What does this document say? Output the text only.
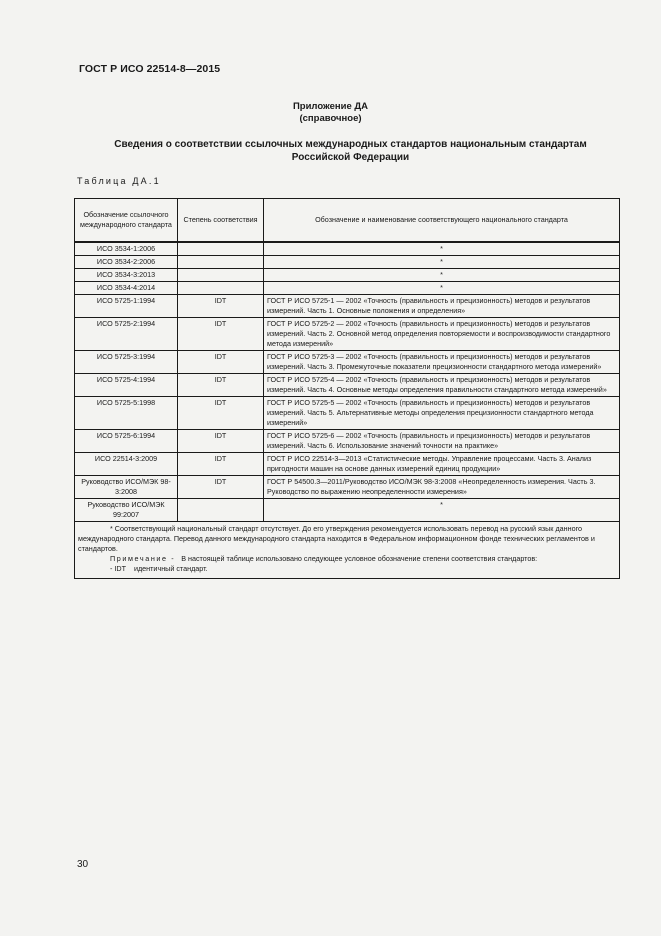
ГОСТ Р ИСО 22514-8—2015
Приложение ДА
(справочное)
Сведения о соответствии ссылочных международных стандартов национальным стандартам
Российской Федерации
Таблица ДА.1
Обозначение ссылочного международного стандарта	Степень соответствия	Обозначение и наименование соответствующего национального стандарта
ИСО 3534-1:2006		*
ИСО 3534-2:2006		*
ИСО 3534-3:2013		*
ИСО 3534-4:2014		*
ИСО 5725-1:1994	IDT	ГОСТ Р ИСО 5725-1 — 2002 «Точность (правильность и прецизионность) методов и результатов измерений. Часть 1. Основные положения и определения»
ИСО 5725-2:1994	IDT	ГОСТ Р ИСО 5725-2 — 2002 «Точность (правильность и прецизионность) методов и результатов измерений. Часть 2. Основной метод определения повторяемости и воспроизводимости стандартного метода измерений»
ИСО 5725-3:1994	IDT	ГОСТ Р ИСО 5725-3 — 2002 «Точность (правильность и прецизионность) методов и результатов измерений. Часть 3. Промежуточные показатели прецизионности стандартного метода измерений»
ИСО 5725-4:1994	IDT	ГОСТ Р ИСО 5725-4 — 2002 «Точность (правильность и прецизионность) методов и результатов измерений. Часть 4. Основные методы определения правильности стандартного метода измерений»
ИСО 5725-5:1998	IDT	ГОСТ Р ИСО 5725-5 — 2002 «Точность (правильность и прецизионность) методов и результатов измерений. Часть 5. Альтернативные методы определения прецизионности стандартного метода измерений»
ИСО 5725-6:1994	IDT	ГОСТ Р ИСО 5725-6 — 2002 «Точность (правильность и прецизионность) методов и результатов измерений. Часть 6. Использование значений точности на практике»
ИСО 22514-3:2009	IDT	ГОСТ Р ИСО 22514-3—2013 «Статистические методы. Управление процессами. Часть 3. Анализ пригодности машин на основе данных измерений единиц продукции»
Руководство ИСО/МЭК 98-3:2008	IDT	ГОСТ Р 54500.3—2011/Руководство ИСО/МЭК 98-3:2008 «Неопределенность измерения. Часть 3. Руководство по выражению неопределенности измерения»
Руководство ИСО/МЭК 99:2007		*

* Соответствующий национальный стандарт отсутствует. До его утверждения рекомендуется использовать перевод на русский язык данного международного стандарта. Перевод данного международного стандарта находится в Федеральном информационном фонде технических регламентов и стандартов.

Примечание - В настоящей таблице использовано следующее условное обозначение степени соответствия стандартов:

- IDT идентичный стандарт.		

30
